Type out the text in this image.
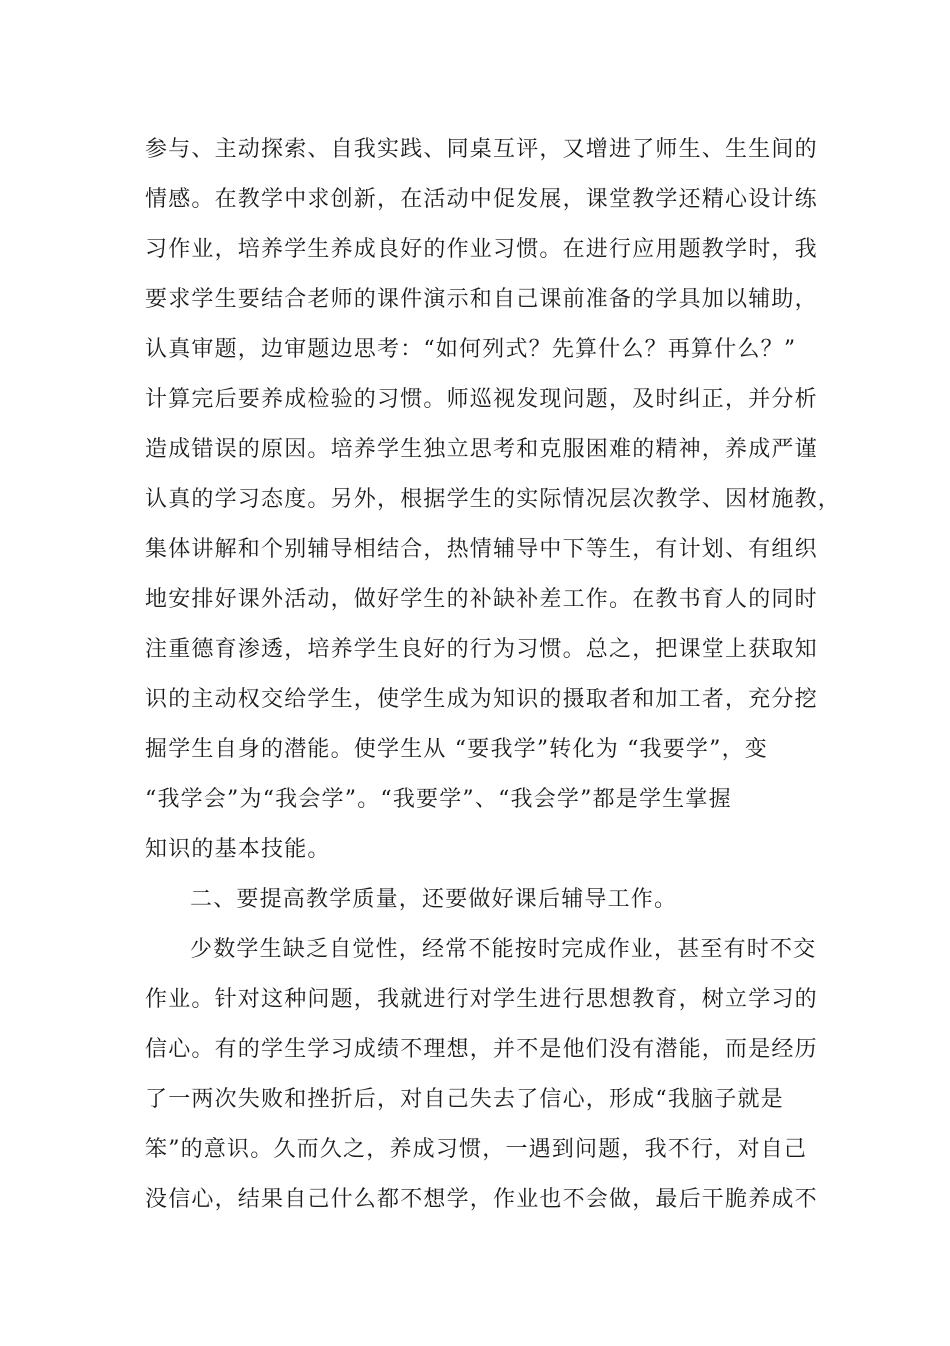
参与、主动探索、自我实践、同桌互评，又增进了师生、生生间的
情感。在教学中求创新，在活动中促发展，课堂教学还精心设计练
习作业，培养学生养成良好的作业习惯。在进行应用题教学时，我
要求学生要结合老师的课件演示和自己课前准备的学具加以辅助，
认真审题，边审题边思考：“如何列式？先算什么？再算什么？”
计算完后要养成检验的习惯。师巡视发现问题，及时纠正，并分析
造成错误的原因。培养学生独立思考和克服困难的精神，养成严谨
认真的学习态度。另外，根据学生的实际情况层次教学、因材施教，
集体讲解和个别辅导相结合，热情辅导中下等生，有计划、有组织
地安排好课外活动，做好学生的补缺补差工作。在教书育人的同时
注重德育渗透，培养学生良好的行为习惯。总之，把课堂上获取知
识的主动权交给学生，使学生成为知识的摄取者和加工者，充分挖
掘学生自身的潜能。使学生从 “要我学”转化为 “我要学”，变
“我学会”为“我会学”。“我要学”、“我会学”都是学生掌握
知识的基本技能。
二、要提高教学质量，还要做好课后辅导工作。
少数学生缺乏自觉性，经常不能按时完成作业，甚至有时不交
作业。针对这种问题，我就进行对学生进行思想教育，树立学习的
信心。有的学生学习成绩不理想，并不是他们没有潜能，而是经历
了一两次失败和挫折后，对自己失去了信心，形成“我脑子就是
笨”的意识。久而久之，养成习惯，一遇到问题，我不行，对自己
没信心，结果自己什么都不想学，作业也不会做，最后干脆养成不
